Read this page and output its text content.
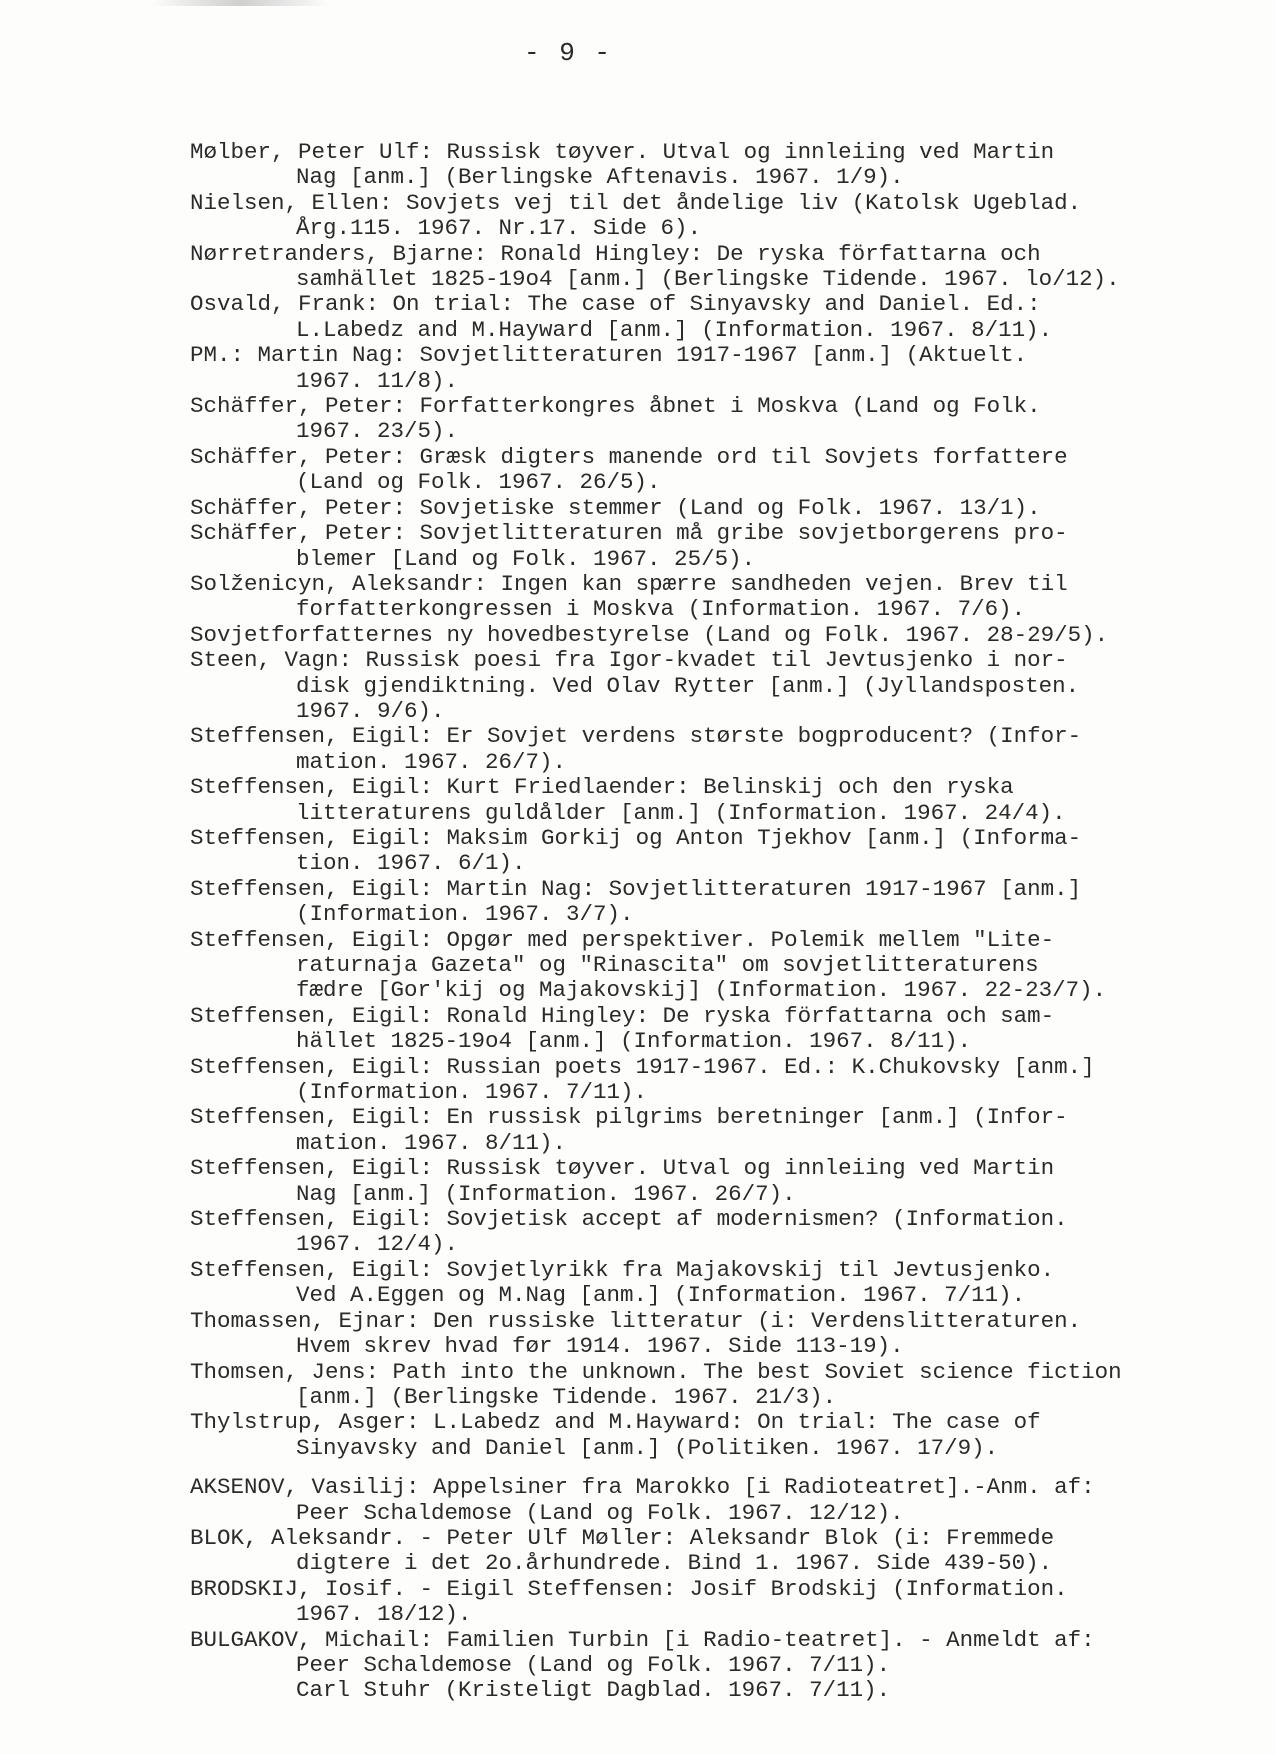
- 9 -
Mølber, Peter Ulf: Russisk tøyver. Utval og innleiing ved Martin
Nag [anm.] (Berlingske Aftenavis. 1967. 1/9).
Nielsen, Ellen: Sovjets vej til det åndelige liv (Katolsk Ugeblad.
Årg.115. 1967. Nr.17. Side 6).
Nørretranders, Bjarne: Ronald Hingley: De ryska författarna och
samhället 1825-19o4 [anm.] (Berlingske Tidende. 1967. lo/12).
Osvald, Frank: On trial: The case of Sinyavsky and Daniel. Ed.:
L.Labedz and M.Hayward [anm.] (Information. 1967. 8/11).
PM.: Martin Nag: Sovjetlitteraturen 1917-1967 [anm.] (Aktuelt.
1967. 11/8).
Schäffer, Peter: Forfatterkongres åbnet i Moskva (Land og Folk.
1967. 23/5).
Schäffer, Peter: Græsk digters manende ord til Sovjets forfattere
(Land og Folk. 1967. 26/5).
Schäffer, Peter: Sovjetiske stemmer (Land og Folk. 1967. 13/1).
Schäffer, Peter: Sovjetlitteraturen må gribe sovjetborgerens pro-
blemer [Land og Folk. 1967. 25/5).
Solženicyn, Aleksandr: Ingen kan spærre sandheden vejen. Brev til
forfatterkongressen i Moskva (Information. 1967. 7/6).
Sovjetforfatternes ny hovedbestyrelse (Land og Folk. 1967. 28-29/5).
Steen, Vagn: Russisk poesi fra Igor-kvadet til Jevtusjenko i nor-
disk gjendiktning. Ved Olav Rytter [anm.] (Jyllandsposten.
1967. 9/6).
Steffensen, Eigil: Er Sovjet verdens største bogproducent? (Infor-
mation. 1967. 26/7).
Steffensen, Eigil: Kurt Friedlaender: Belinskij och den ryska
litteraturens guldålder [anm.] (Information. 1967. 24/4).
Steffensen, Eigil: Maksim Gorkij og Anton Tjekhov [anm.] (Informa-
tion. 1967. 6/1).
Steffensen, Eigil: Martin Nag: Sovjetlitteraturen 1917-1967 [anm.]
(Information. 1967. 3/7).
Steffensen, Eigil: Opgør med perspektiver. Polemik mellem "Lite-
raturnaja Gazeta" og "Rinascita" om sovjetlitteraturens
fædre [Gor'kij og Majakovskij] (Information. 1967. 22-23/7).
Steffensen, Eigil: Ronald Hingley: De ryska författarna och sam-
hället 1825-19o4 [anm.] (Information. 1967. 8/11).
Steffensen, Eigil: Russian poets 1917-1967. Ed.: K.Chukovsky [anm.]
(Information. 1967. 7/11).
Steffensen, Eigil: En russisk pilgrims beretninger [anm.] (Infor-
mation. 1967. 8/11).
Steffensen, Eigil: Russisk tøyver. Utval og innleiing ved Martin
Nag [anm.] (Information. 1967. 26/7).
Steffensen, Eigil: Sovjetisk accept af modernismen? (Information.
1967. 12/4).
Steffensen, Eigil: Sovjetlyrikk fra Majakovskij til Jevtusjenko.
Ved A.Eggen og M.Nag [anm.] (Information. 1967. 7/11).
Thomassen, Ejnar: Den russiske litteratur (i: Verdenslitteraturen.
Hvem skrev hvad før 1914. 1967. Side 113-19).
Thomsen, Jens: Path into the unknown. The best Soviet science fiction
[anm.] (Berlingske Tidende. 1967. 21/3).
Thylstrup, Asger: L.Labedz and M.Hayward: On trial: The case of
Sinyavsky and Daniel [anm.] (Politiken. 1967. 17/9).
AKSENOV, Vasilij: Appelsiner fra Marokko [i Radioteatret].-Anm. af:
Peer Schaldemose (Land og Folk. 1967. 12/12).
BLOK, Aleksandr. - Peter Ulf Møller: Aleksandr Blok (i: Fremmede
digtere i det 2o.århundrede. Bind 1. 1967. Side 439-50).
BRODSKIJ, Iosif. - Eigil Steffensen: Josif Brodskij (Information.
1967. 18/12).
BULGAKOV, Michail: Familien Turbin [i Radio-teatret]. - Anmeldt af:
Peer Schaldemose (Land og Folk. 1967. 7/11).
Carl Stuhr (Kristeligt Dagblad. 1967. 7/11).
